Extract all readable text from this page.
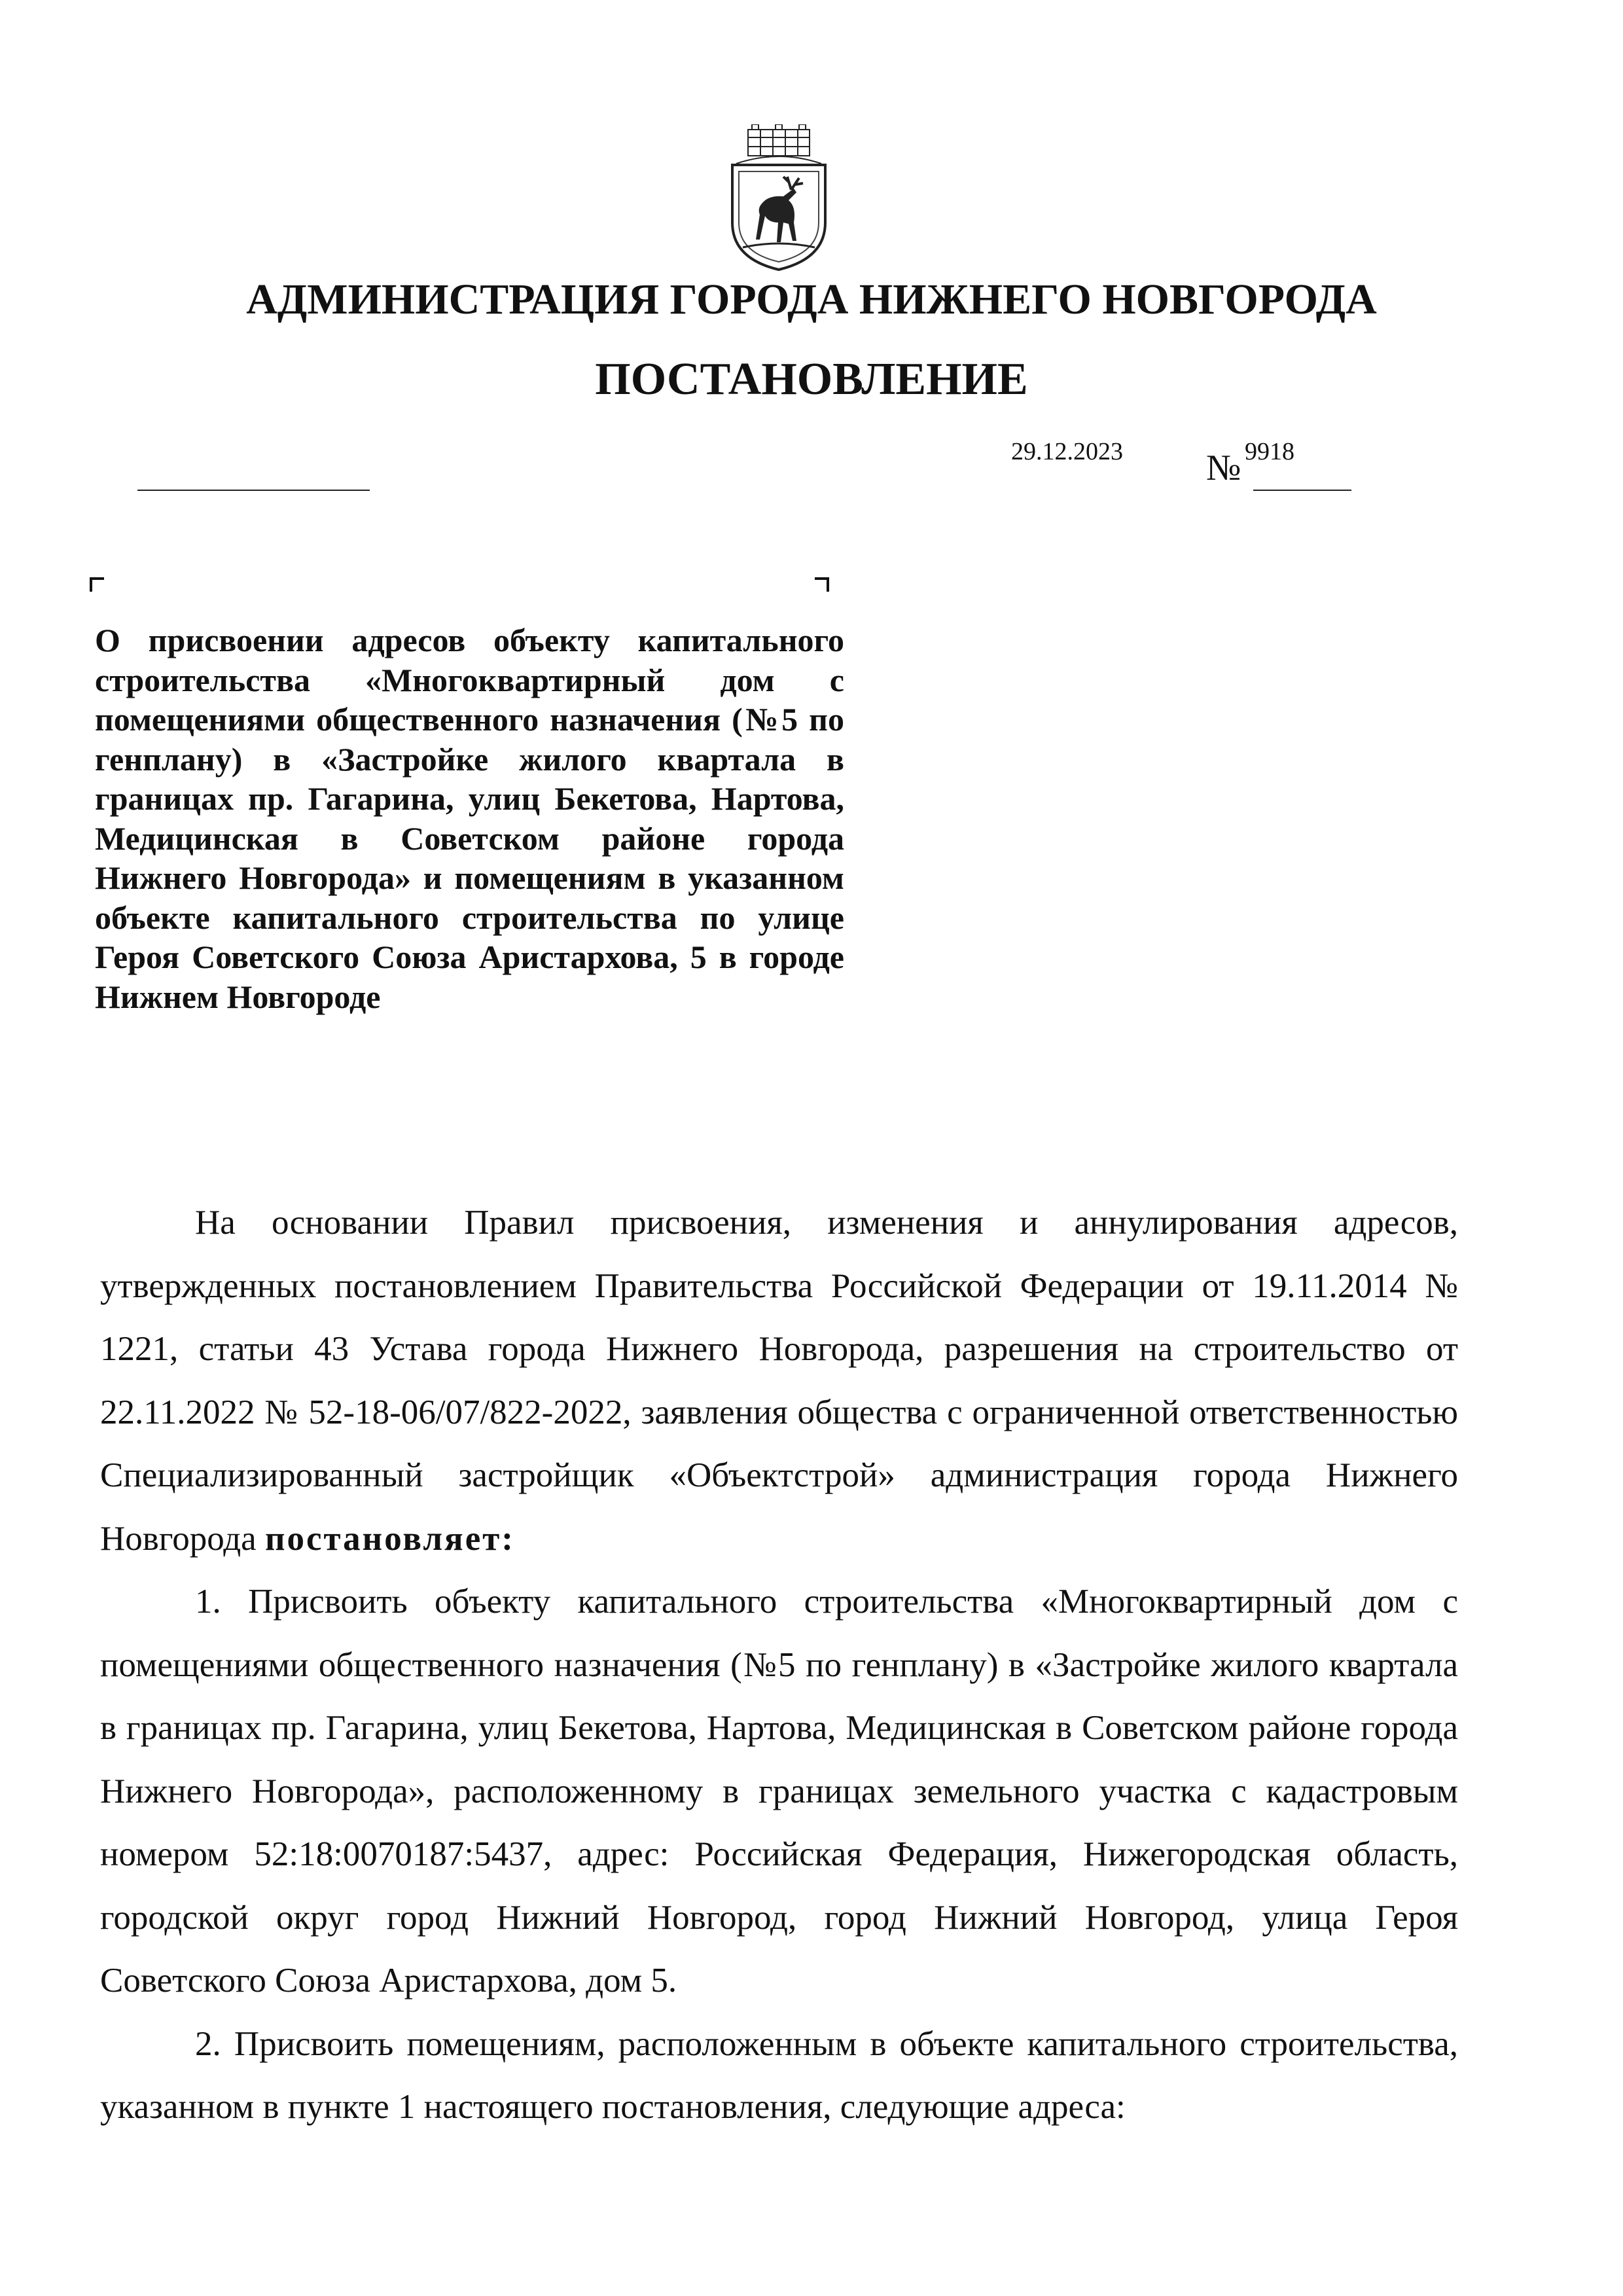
АДМИНИСТРАЦИЯ ГОРОДА НИЖНЕГО НОВГОРОДА
ПОСТАНОВЛЕНИЕ
29.12.2023 № 9918

О присвоении адресов объекту капитального строительства «Многоквартирный дом с помещениями общественного назначения (№5 по генплану) в «Застройке жилого квартала в границах пр. Гагарина, улиц Бекетова, Нартова, Медицинская в Советском районе города Нижнего Новгорода» и помещениям в указанном объекте капитального строительства по улице Героя Советского Союза Аристархова, 5 в городе Нижнем Новгороде

На основании Правил присвоения, изменения и аннулирования адресов, утвержденных постановлением Правительства Российской Федерации от 19.11.2014 № 1221, статьи 43 Устава города Нижнего Новгорода, разрешения на строительство от 22.11.2022 № 52-18-06/07/822-2022, заявления общества с ограниченной ответственностью Специализированный застройщик «Объектстрой» администрация города Нижнего Новгорода постановляет:

1. Присвоить объекту капитального строительства «Многоквартирный дом с помещениями общественного назначения (№5 по генплану) в «Застройке жилого квартала в границах пр. Гагарина, улиц Бекетова, Нартова, Медицинская в Советском районе города Нижнего Новгорода», расположенному в границах земельного участка с кадастровым номером 52:18:0070187:5437, адрес: Российская Федерация, Нижегородская область, городской округ город Нижний Новгород, город Нижний Новгород, улица Героя Советского Союза Аристархова, дом 5.

2. Присвоить помещениям, расположенным в объекте капитального строительства, указанном в пункте 1 настоящего постановления, следующие адреса:
